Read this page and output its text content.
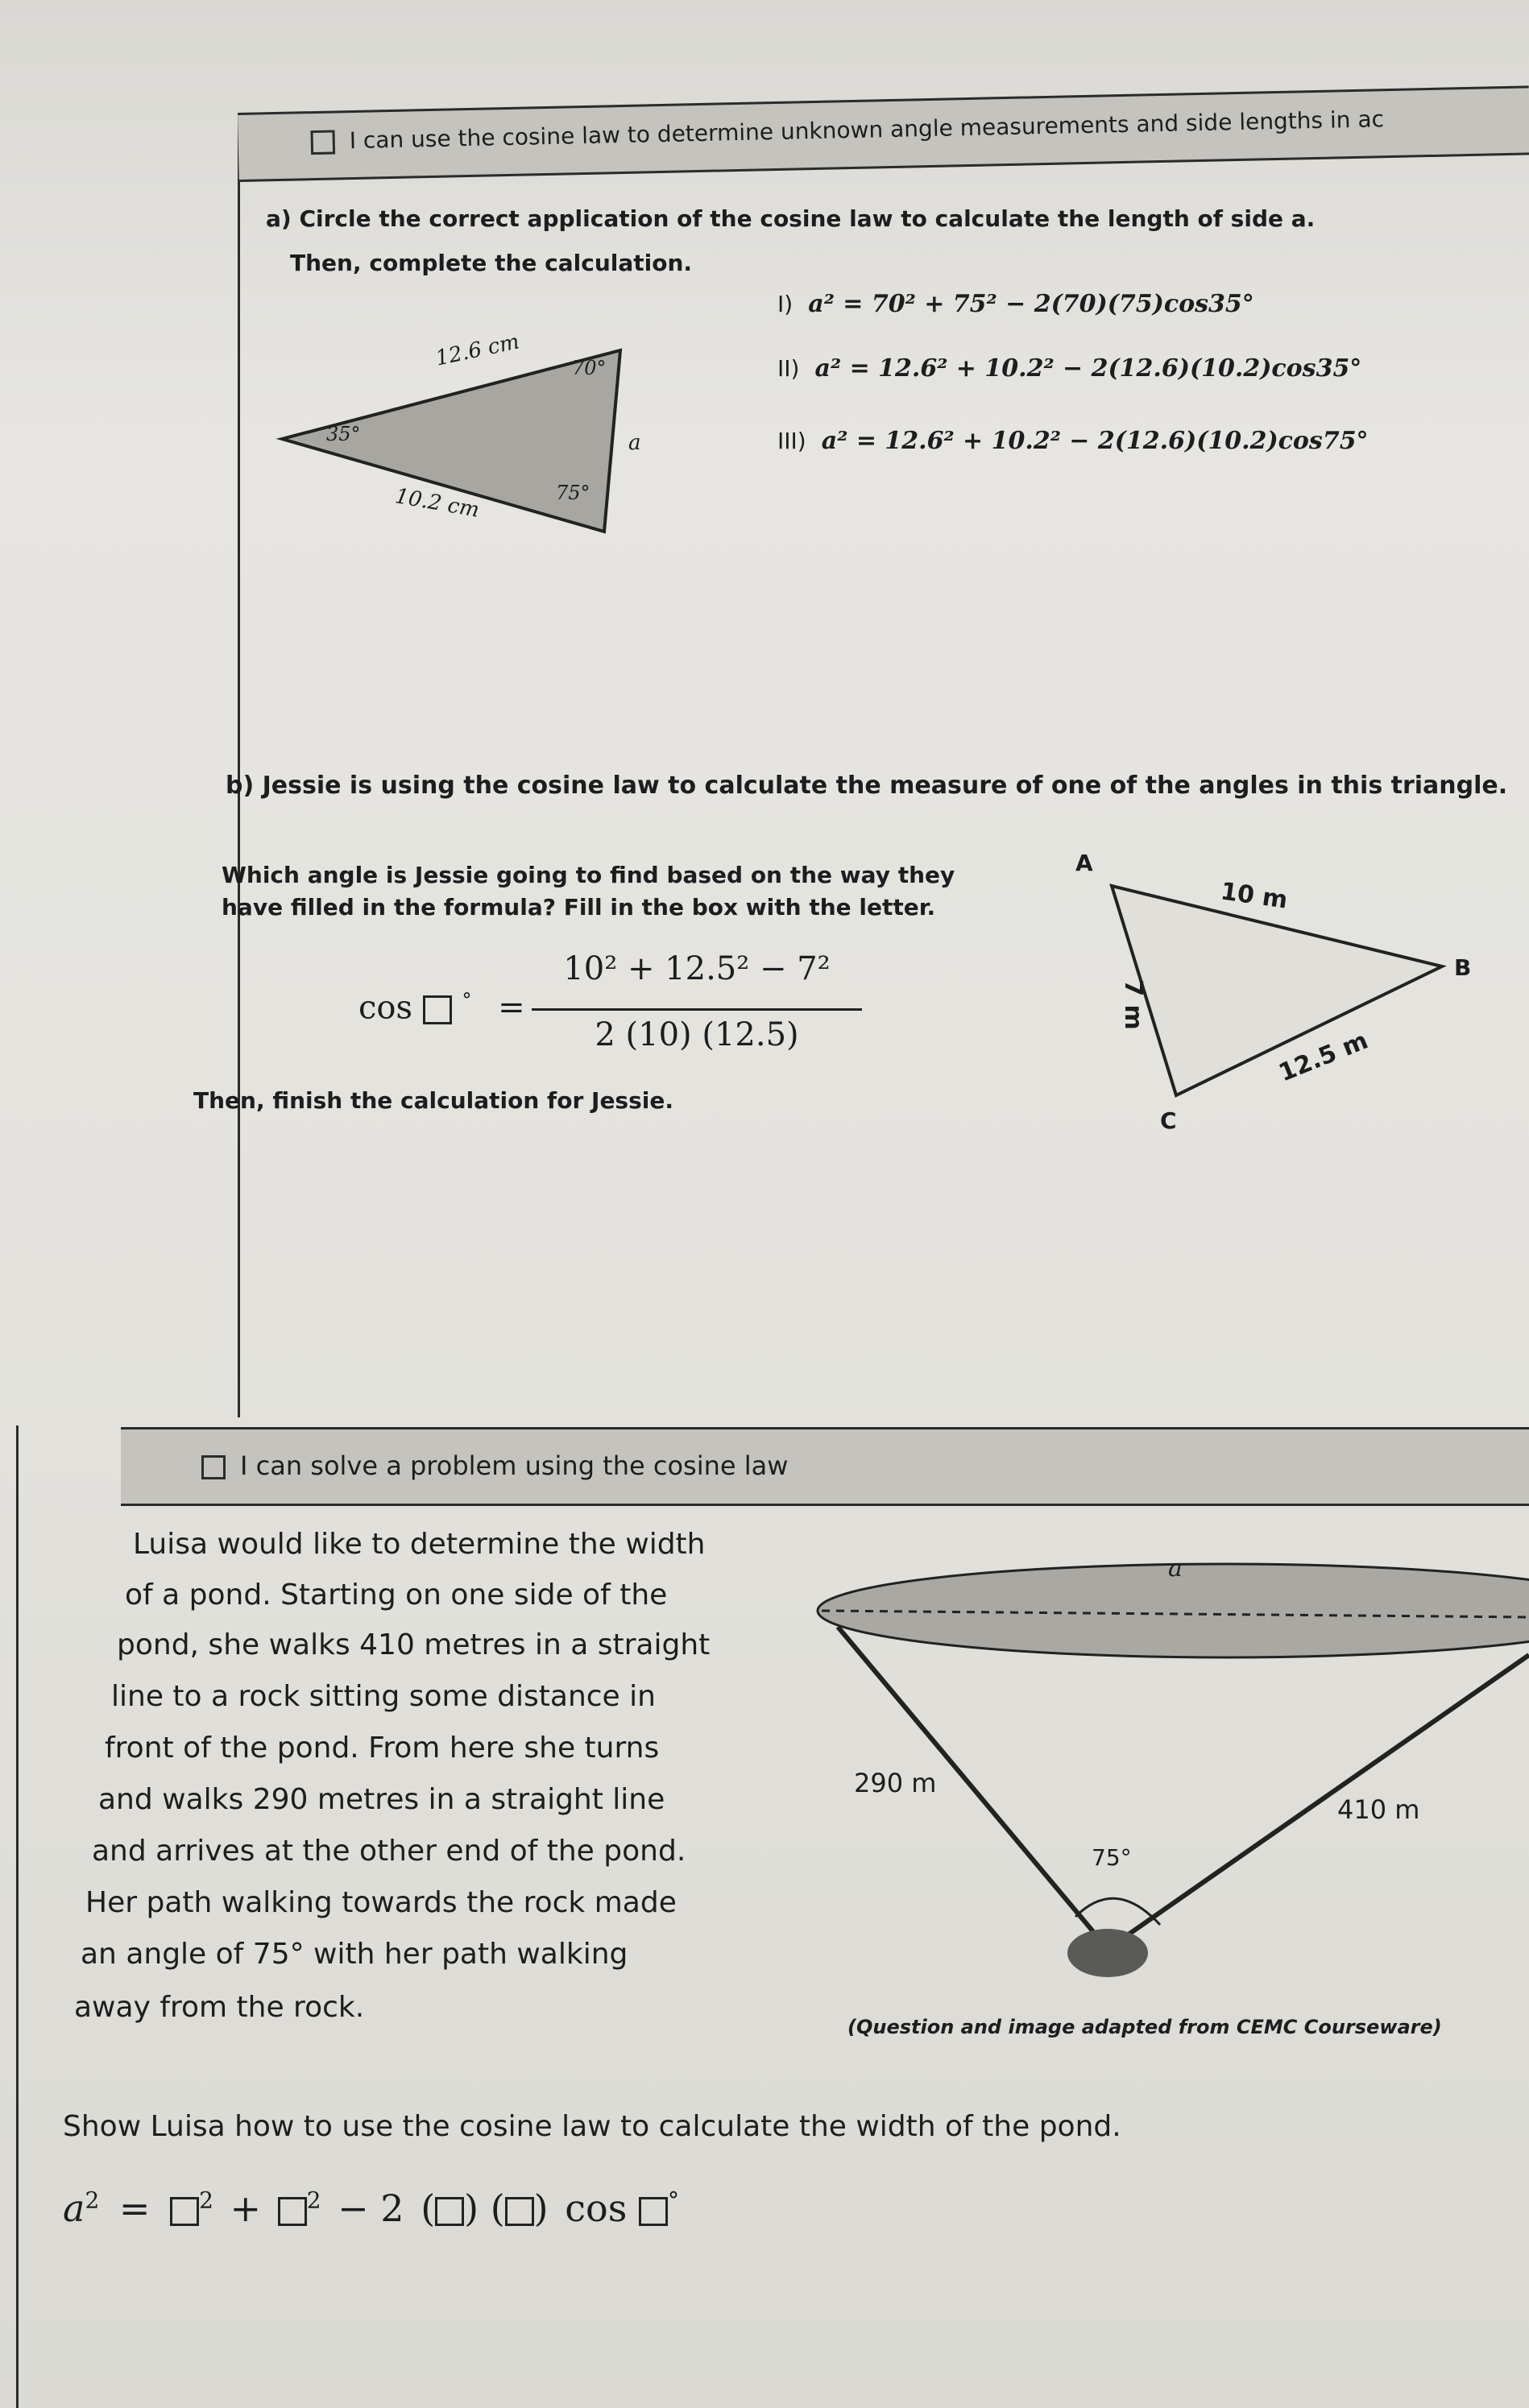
I can use the cosine law to determine unknown angle measurements and side lengths in ac
a) Circle the correct application of the cosine law to calculate the length of side a.
Then, complete the calculation.
12.6 cm
10.2 cm
a
35°
70°
75°
I) a² = 70² + 75² − 2(70)(75)cos35°
II) a² = 12.6² + 10.2² − 2(12.6)(10.2)cos35°
III) a² = 12.6² + 10.2² − 2(12.6)(10.2)cos75°
b) Jessie is using the cosine law to calculate the measure of one of the angles in this triangle.
Which angle is Jessie going to find based on the way they
have filled in the formula? Fill in the box with the letter.
cos	° =
10² + 12.5² − 7²
2 (10) (12.5)
Then, finish the calculation for Jessie.
A
B
C
10 m
12.5 m
7 m
I can solve a problem using the cosine law
Luisa would like to determine the width
of a pond. Starting on one side of the
pond, she walks 410 metres in a straight
line to a rock sitting some distance in
front of the pond. From here she turns
and walks 290 metres in a straight line
and arrives at the other end of the pond.
Her path walking towards the rock made
an angle of 75° with her path walking
away from the rock.
a
290 m
410 m
75°
(Question and image adapted from CEMC Courseware)
Show Luisa how to use the cosine law to calculate the width of the pond.
$a^2 = ^2 + ^2 - 2$ ( ) ( ) cos °
